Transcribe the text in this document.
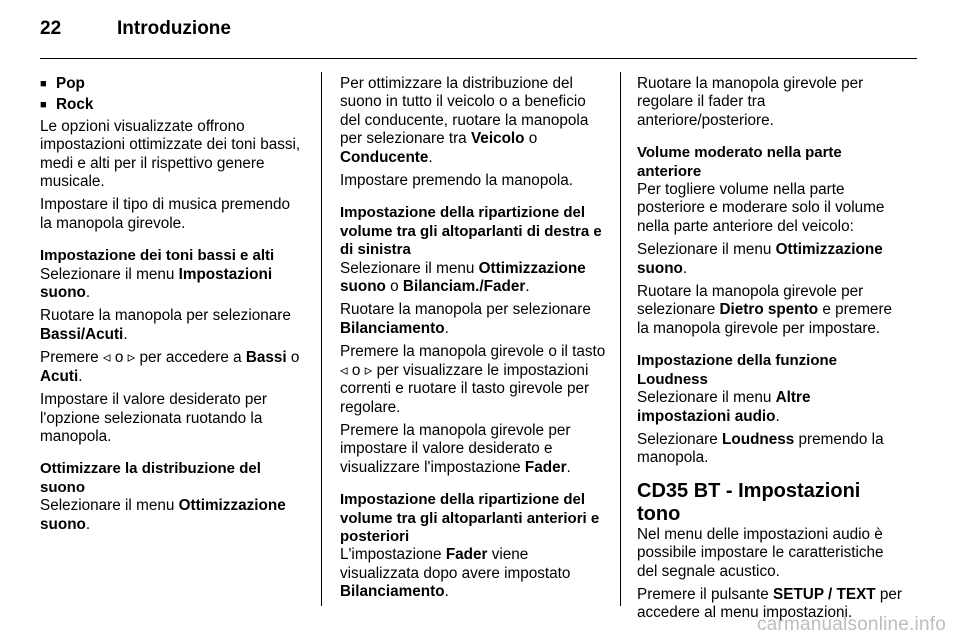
22	Introduzione
■ Pop
■ Rock

Le opzioni visualizzate offrono impostazioni ottimizzate dei toni bassi, medi e alti per il rispettivo genere musicale.

Impostare il tipo di musica premendo la manopola girevole.

Impostazione dei toni bassi e alti

Selezionare il menu Impostazioni suono.

Ruotare la manopola per selezionare Bassi/Acuti.

Premere ◃ o ▹ per accedere a Bassi o Acuti.

Impostare il valore desiderato per l'opzione selezionata ruotando la manopola.

Ottimizzare la distribuzione del suono

Selezionare il menu Ottimizzazione suono.

Per ottimizzare la distribuzione del suono in tutto il veicolo o a beneficio del conducente, ruotare la manopola per selezionare tra Veicolo o Conducente.

Impostare premendo la manopola.

Impostazione della ripartizione del volume tra gli altoparlanti di destra e di sinistra

Selezionare il menu Ottimizzazione suono o Bilanciam./Fader.

Ruotare la manopola per selezionare Bilanciamento.

Premere la manopola girevole o il tasto ◃ o ▹ per visualizzare le impostazioni correnti e ruotare il tasto girevole per regolare.

Premere la manopola girevole per impostare il valore desiderato e visualizzare l'impostazione Fader.

Impostazione della ripartizione del volume tra gli altoparlanti anteriori e posteriori

L'impostazione Fader viene visualizzata dopo avere impostato Bilanciamento.

Ruotare la manopola girevole per regolare il fader tra anteriore/posteriore.

Volume moderato nella parte anteriore

Per togliere volume nella parte posteriore e moderare solo il volume nella parte anteriore del veicolo:

Selezionare il menu Ottimizzazione suono.

Ruotare la manopola girevole per selezionare Dietro spento e premere la manopola girevole per impostare.

Impostazione della funzione Loudness

Selezionare il menu Altre impostazioni audio.

Selezionare Loudness premendo la manopola.

CD35 BT - Impostazioni tono

Nel menu delle impostazioni audio è possibile impostare le caratteristiche del segnale acustico.

Premere il pulsante SETUP / TEXT per accedere al menu impostazioni.

carmanualsonline.info
